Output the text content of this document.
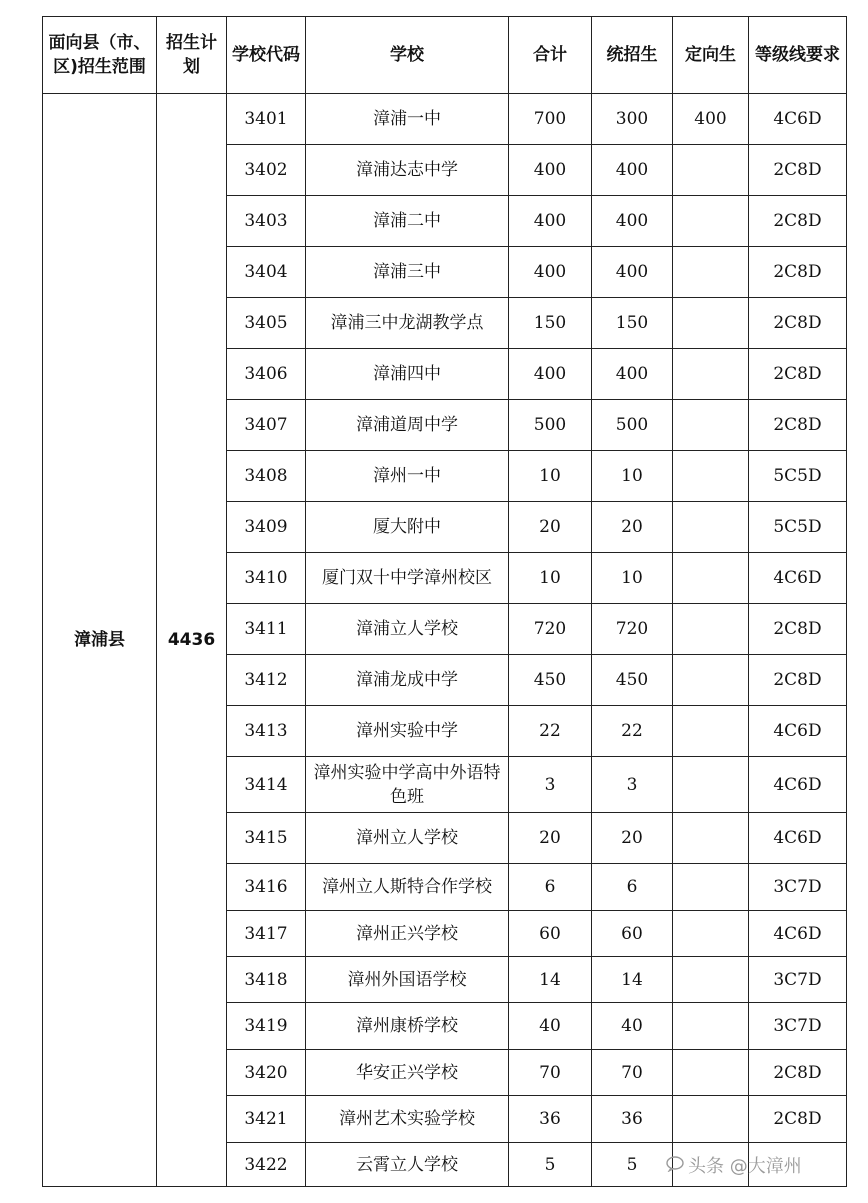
面向县（市、区)招生范围	招生计划	学校代码	学校	合计	统招生	定向生	等级线要求
漳浦县	4436	3401	漳浦一中	700	300	400	4C6D
		3402	漳浦达志中学	400	400		2C8D
		3403	漳浦二中	400	400		2C8D
		3404	漳浦三中	400	400		2C8D
		3405	漳浦三中龙湖教学点	150	150		2C8D
		3406	漳浦四中	400	400		2C8D
		3407	漳浦道周中学	500	500		2C8D
		3408	漳州一中	10	10		5C5D
		3409	厦大附中	20	20		5C5D
		3410	厦门双十中学漳州校区	10	10		4C6D
		3411	漳浦立人学校	720	720		2C8D
		3412	漳浦龙成中学	450	450		2C8D
		3413	漳州实验中学	22	22		4C6D
		3414	漳州实验中学高中外语特色班	3	3		4C6D
		3415	漳州立人学校	20	20		4C6D
		3416	漳州立人斯特合作学校	6	6		3C7D
		3417	漳州正兴学校	60	60		4C6D
		3418	漳州外国语学校	14	14		3C7D
		3419	漳州康桥学校	40	40		3C7D
		3420	华安正兴学校	70	70		2C8D
		3421	漳州艺术实验学校	36	36		2C8D
		3422	云霄立人学校	5	5			头条 @大漳州
